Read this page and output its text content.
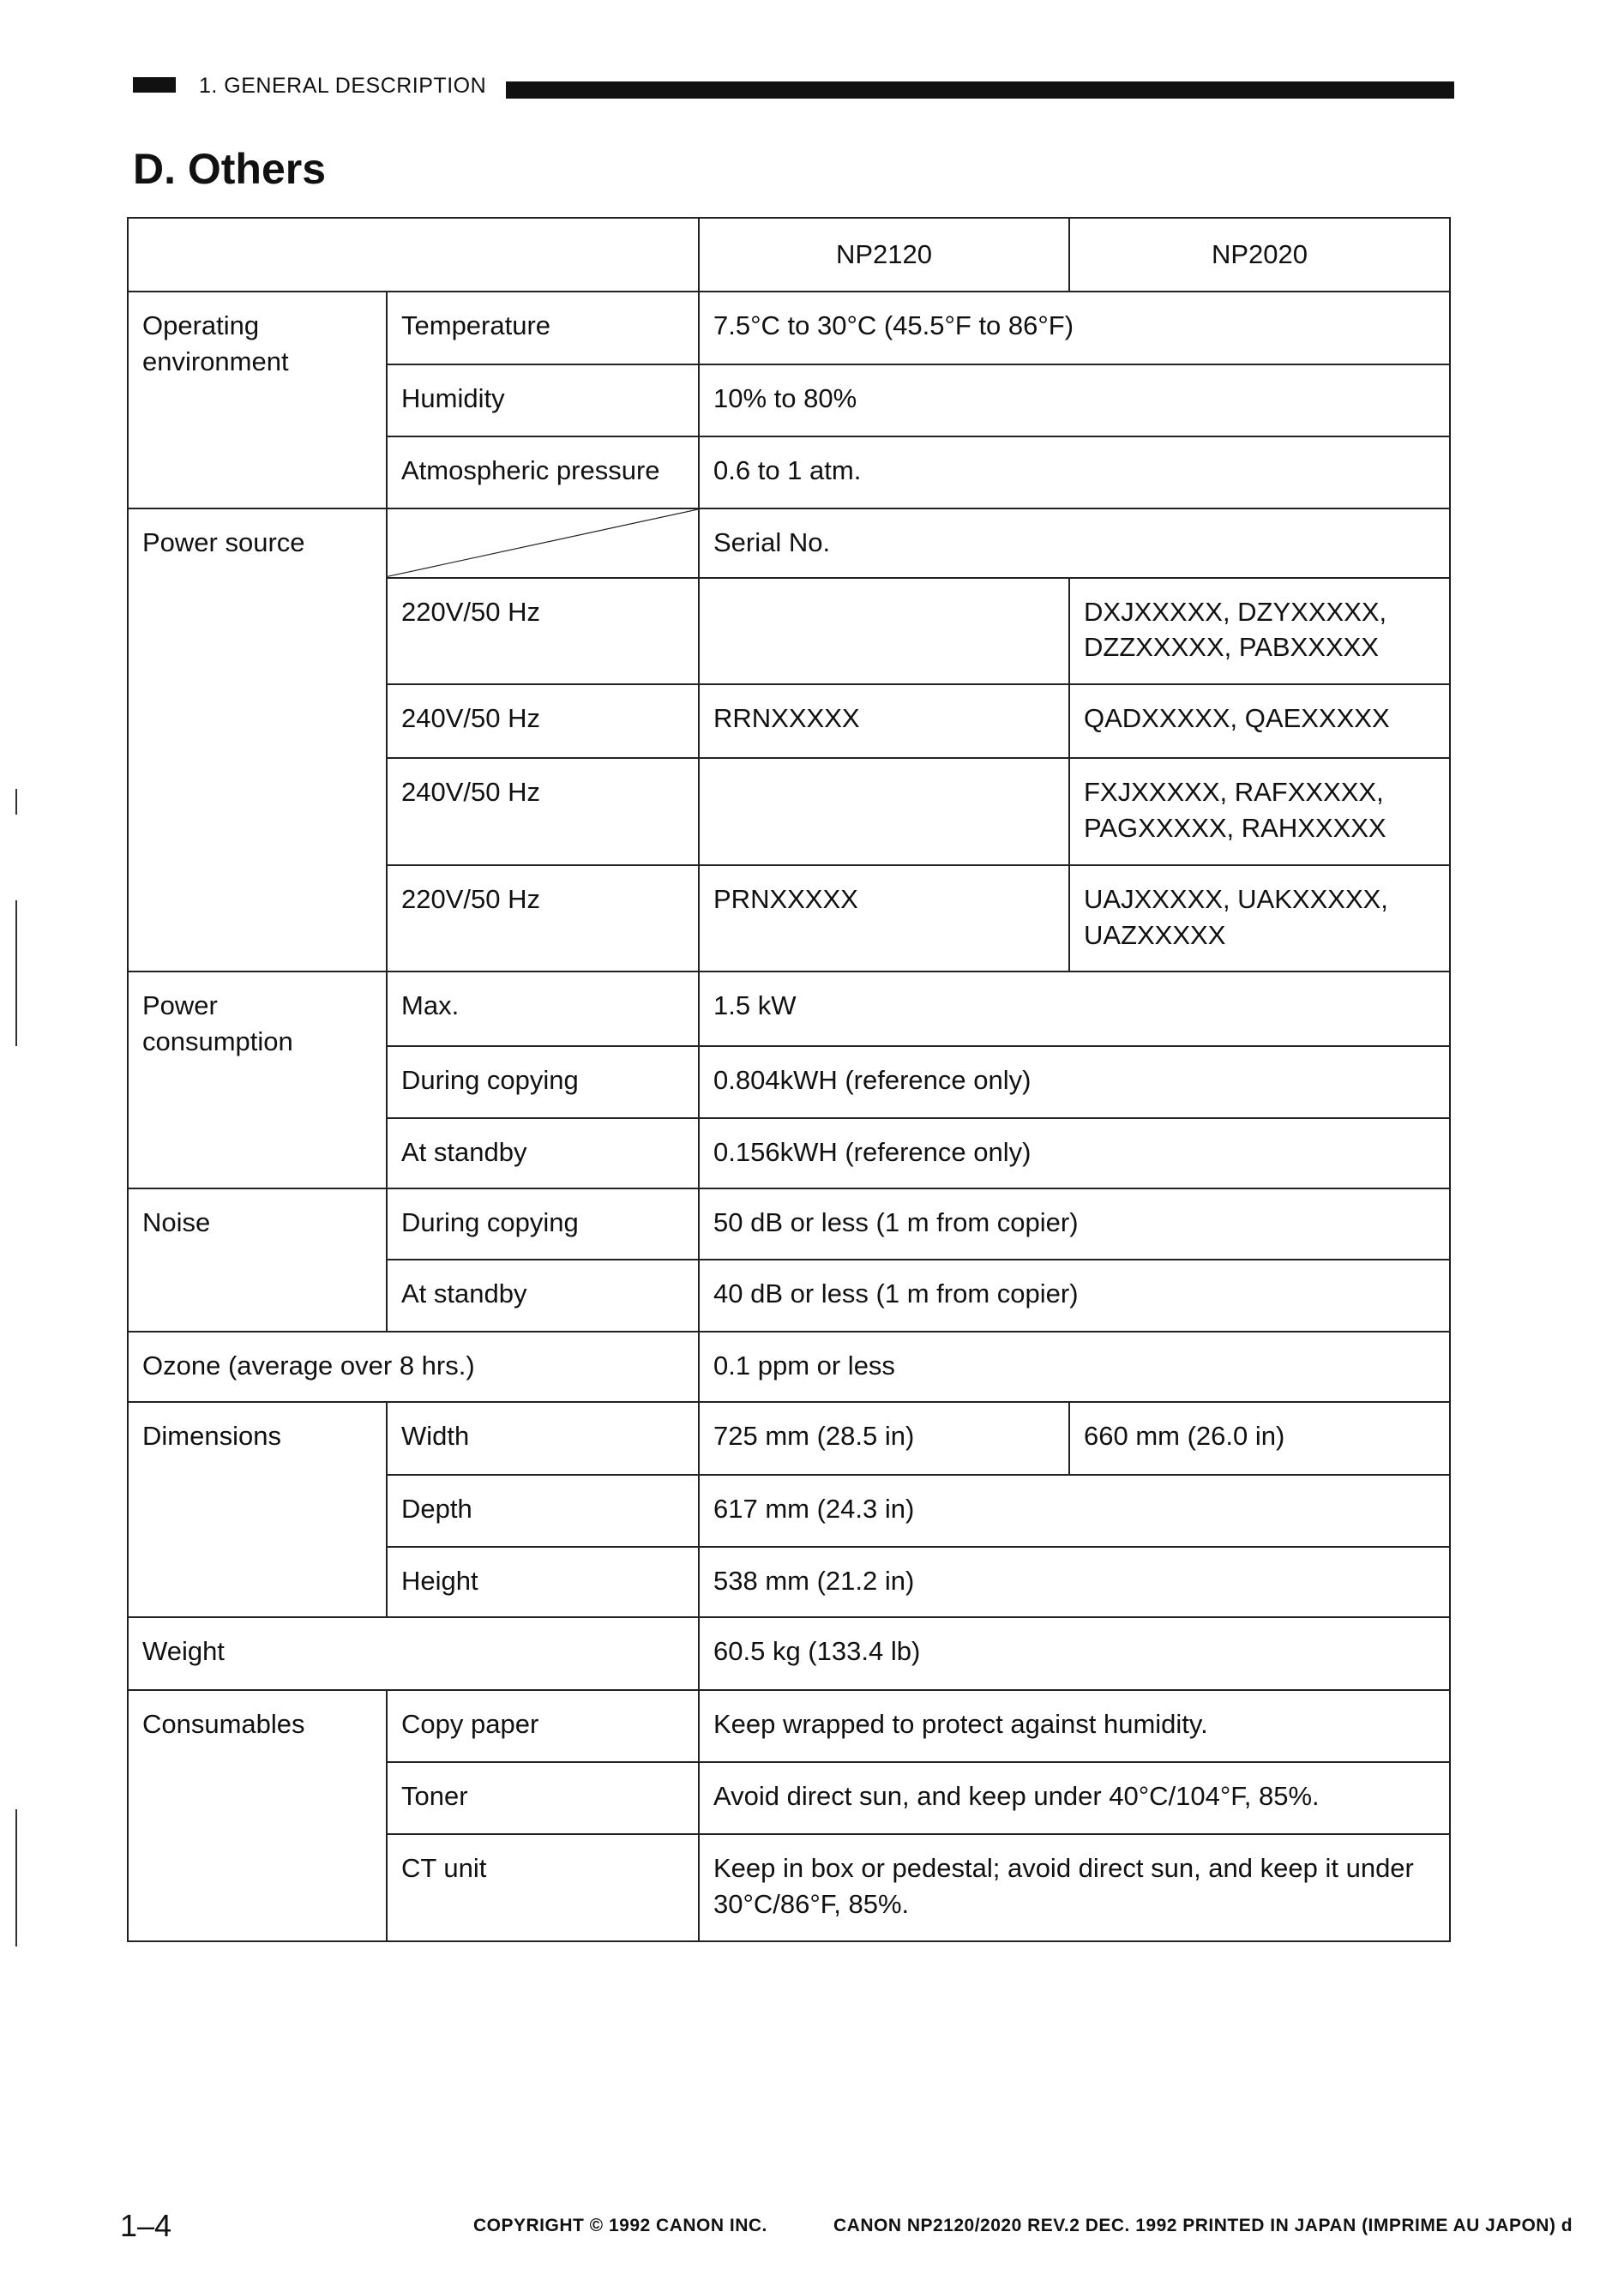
1. GENERAL DESCRIPTION
D. Others
		NP2120	NP2020
Operating environment	Temperature	7.5°C to 30°C (45.5°F to 86°F)	
	Humidity	10% to 80%	
	Atmospheric pressure	0.6 to 1 atm.	
Power source		Serial No.	
	220V/50 Hz		DXJXXXXX, DZYXXXXX, DZZXXXXX, PABXXXXX
	240V/50 Hz	RRNXXXXX	QADXXXXX, QAEXXXXX
	240V/50 Hz		FXJXXXXX, RAFXXXXX, PAGXXXXX, RAHXXXXX
	220V/50 Hz	PRNXXXXX	UAJXXXXX, UAKXXXXX, UAZXXXXX
Power consumption	Max.	1.5 kW	
	During copying	0.804kWH (reference only)	
	At standby	0.156kWH (reference only)	
Noise	During copying	50 dB or less (1 m from copier)	
	At standby	40 dB or less (1 m from copier)	
Ozone (average over 8 hrs.)		0.1 ppm or less	
Dimensions	Width	725 mm (28.5 in)	660 mm (26.0 in)
	Depth	617 mm (24.3 in)	
	Height	538 mm (21.2 in)	
Weight		60.5 kg (133.4 lb)	
Consumables	Copy paper	Keep wrapped to protect against humidity.	
	Toner	Avoid direct sun, and keep under 40°C/104°F, 85%.	
	CT unit	Keep in box or pedestal; avoid direct sun, and keep it under 30°C/86°F, 85%.	
1–4	COPYRIGHT © 1992 CANON INC.	CANON NP2120/2020 REV.2 DEC. 1992 PRINTED IN JAPAN (IMPRIME AU JAPON) d
